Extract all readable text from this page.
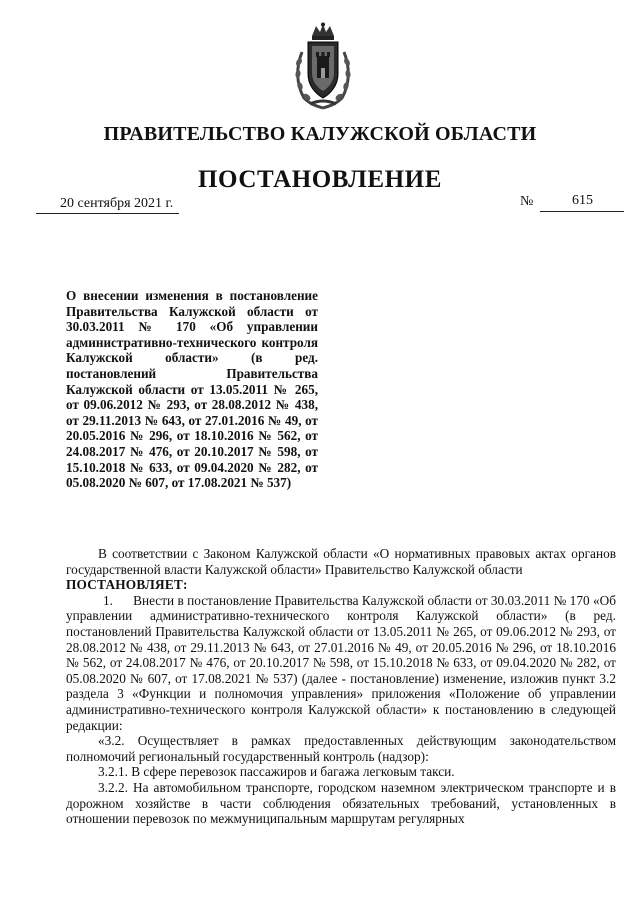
ПРАВИТЕЛЬСТВО КАЛУЖСКОЙ ОБЛАСТИ
ПОСТАНОВЛЕНИЕ
20 сентября 2021 г.	№	615
О внесении изменения в постановление Правительства Калужской области от 30.03.2011 № 170 «Об управлении административно-технического контроля Калужской области» (в ред. постановлений Правительства Калужской области от 13.05.2011 № 265, от 09.06.2012 № 293, от 28.08.2012 № 438, от 29.11.2013 № 643, от 27.01.2016 № 49, от 20.05.2016 № 296, от 18.10.2016 № 562, от 24.08.2017 № 476, от 20.10.2017 № 598, от 15.10.2018 № 633, от 09.04.2020 № 282, от 05.08.2020 № 607, от 17.08.2021 № 537)

В соответствии с Законом Калужской области «О нормативных правовых актах органов государственной власти Калужской области» Правительство Калужской области

ПОСТАНОВЛЯЕТ:

1. Внести в постановление Правительства Калужской области от 30.03.2011 № 170 «Об управлении административно-технического контроля Калужской области» (в ред. постановлений Правительства Калужской области от 13.05.2011 № 265, от 09.06.2012 № 293, от 28.08.2012 № 438, от 29.11.2013 № 643, от 27.01.2016 № 49, от 20.05.2016 № 296, от 18.10.2016 № 562, от 24.08.2017 № 476, от 20.10.2017 № 598, от 15.10.2018 № 633, от 09.04.2020 № 282, от 05.08.2020 № 607, от 17.08.2021 № 537) (далее - постановление) изменение, изложив пункт 3.2 раздела 3 «Функции и полномочия управления» приложения «Положение об управлении административно-технического контроля Калужской области» к постановлению в следующей редакции:

«3.2. Осуществляет в рамках предоставленных действующим законодательством полномочий региональный государственный контроль (надзор):

3.2.1. В сфере перевозок пассажиров и багажа легковым такси.

3.2.2. На автомобильном транспорте, городском наземном электрическом транспорте и в дорожном хозяйстве в части соблюдения обязательных требований, установленных в отношении перевозок по межмуниципальным маршрутам регулярных
